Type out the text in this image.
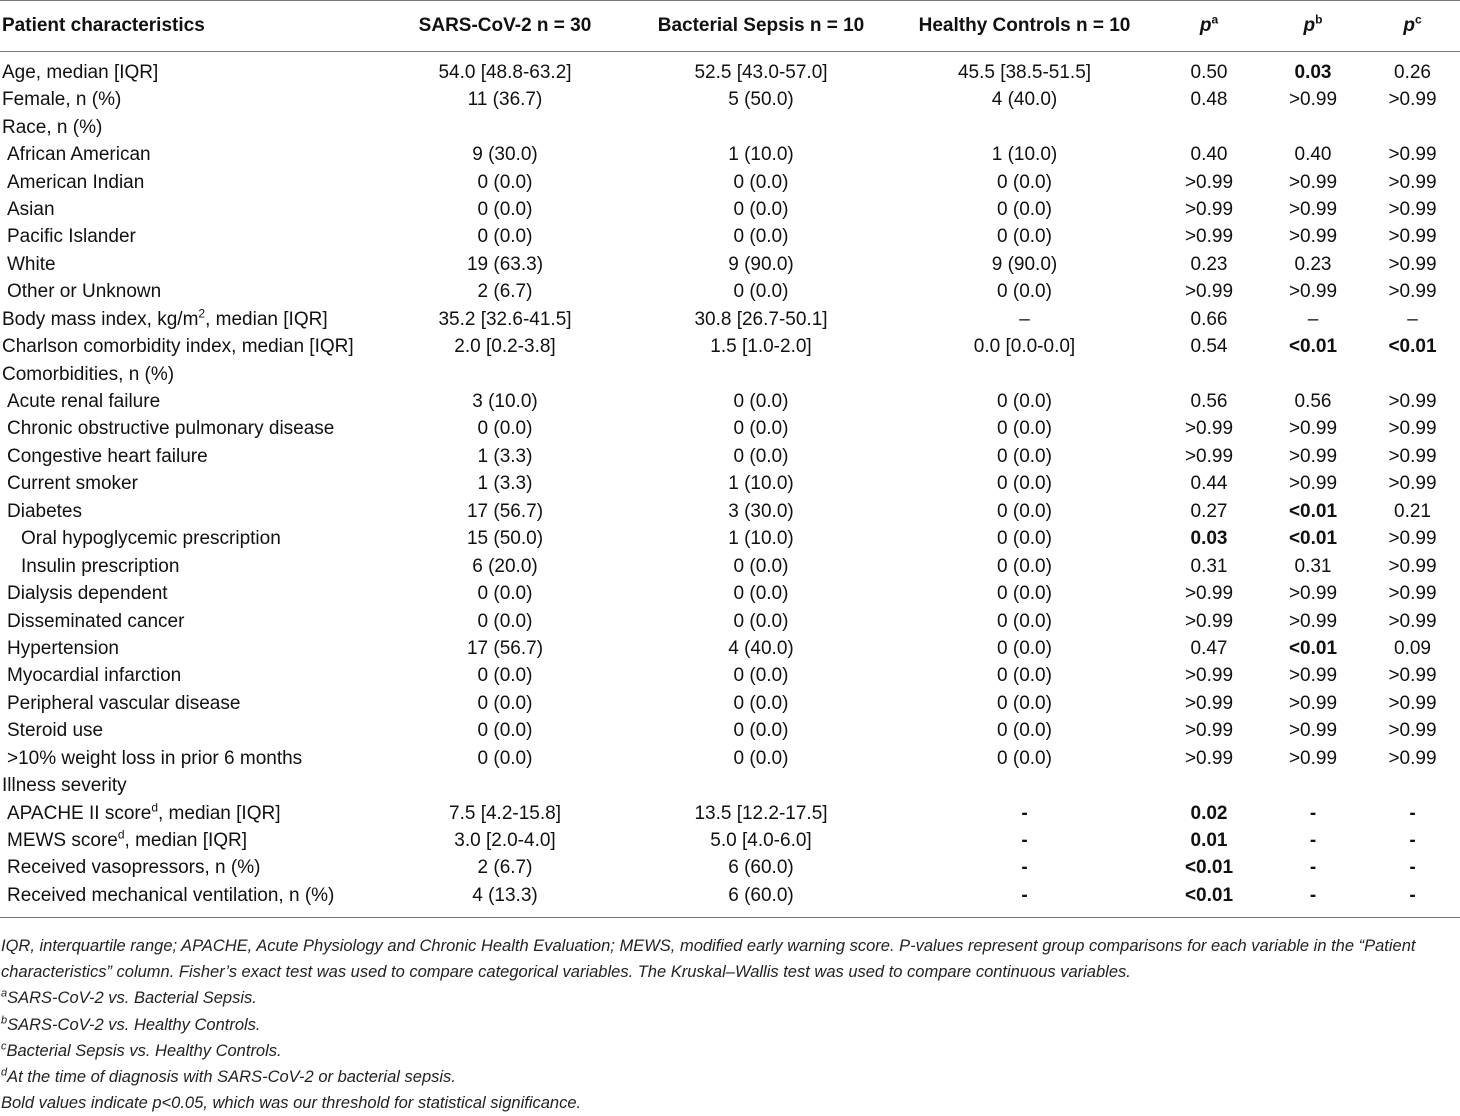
Patient characteristics	SARS-CoV-2 n = 30	Bacterial Sepsis n = 10	Healthy Controls n = 10	$p^a$	$p^b$	$p^c$
Age, median [IQR]	54.0 [48.8-63.2]	52.5 [43.0-57.0]	45.5 [38.5-51.5]	0.50	0.03	0.26
Female, n (%)	11 (36.7)	5 (50.0)	4 (40.0)	0.48	>0.99	>0.99
Race, n (%)						
African American	9 (30.0)	1 (10.0)	1 (10.0)	0.40	0.40	>0.99
American Indian	0 (0.0)	0 (0.0)	0 (0.0)	>0.99	>0.99	>0.99
Asian	0 (0.0)	0 (0.0)	0 (0.0)	>0.99	>0.99	>0.99
Pacific Islander	0 (0.0)	0 (0.0)	0 (0.0)	>0.99	>0.99	>0.99
White	19 (63.3)	9 (90.0)	9 (90.0)	0.23	0.23	>0.99
Other or Unknown	2 (6.7)	0 (0.0)	0 (0.0)	>0.99	>0.99	>0.99
Body mass index, $kg/m^2$, median [IQR]	35.2 [32.6-41.5]	30.8 [26.7-50.1]	–	0.66	–	–
Charlson comorbidity index, median [IQR]	2.0 [0.2-3.8]	1.5 [1.0-2.0]	0.0 [0.0-0.0]	0.54	<0.01	<0.01
Comorbidities, n (%)						
Acute renal failure	3 (10.0)	0 (0.0)	0 (0.0)	0.56	0.56	>0.99
Chronic obstructive pulmonary disease	0 (0.0)	0 (0.0)	0 (0.0)	>0.99	>0.99	>0.99
Congestive heart failure	1 (3.3)	0 (0.0)	0 (0.0)	>0.99	>0.99	>0.99
Current smoker	1 (3.3)	1 (10.0)	0 (0.0)	0.44	>0.99	>0.99
Diabetes	17 (56.7)	3 (30.0)	0 (0.0)	0.27	<0.01	0.21
Oral hypoglycemic prescription	15 (50.0)	1 (10.0)	0 (0.0)	0.03	<0.01	>0.99
Insulin prescription	6 (20.0)	0 (0.0)	0 (0.0)	0.31	0.31	>0.99
Dialysis dependent	0 (0.0)	0 (0.0)	0 (0.0)	>0.99	>0.99	>0.99
Disseminated cancer	0 (0.0)	0 (0.0)	0 (0.0)	>0.99	>0.99	>0.99
Hypertension	17 (56.7)	4 (40.0)	0 (0.0)	0.47	<0.01	0.09
Myocardial infarction	0 (0.0)	0 (0.0)	0 (0.0)	>0.99	>0.99	>0.99
Peripheral vascular disease	0 (0.0)	0 (0.0)	0 (0.0)	>0.99	>0.99	>0.99
Steroid use	0 (0.0)	0 (0.0)	0 (0.0)	>0.99	>0.99	>0.99
>10% weight loss in prior 6 months	0 (0.0)	0 (0.0)	0 (0.0)	>0.99	>0.99	>0.99
Illness severity						
APACHE II score$^d$, median [IQR]	7.5 [4.2-15.8]	13.5 [12.2-17.5]	-	0.02	-	-
MEWS score$^d$, median [IQR]	3.0 [2.0-4.0]	5.0 [4.0-6.0]	-	0.01	-	-
Received vasopressors, n (%)	2 (6.7)	6 (60.0)	-	<0.01	-	-
Received mechanical ventilation, n (%)	4 (13.3)	6 (60.0)	-	<0.01	-	-

IQR, interquartile range; APACHE, Acute Physiology and Chronic Health Evaluation; MEWS, modified early warning score. P-values represent group comparisons for each variable in the “Patient characteristics” column. Fisher’s exact test was used to compare categorical variables. The Kruskal–Wallis test was used to compare continuous variables.

$^a$SARS-CoV-2 vs. Bacterial Sepsis.

$^b$SARS-CoV-2 vs. Healthy Controls.

$^c$Bacterial Sepsis vs. Healthy Controls.

$^d$At the time of diagnosis with SARS-CoV-2 or bacterial sepsis.

Bold values indicate p<0.05, which was our threshold for statistical significance.
